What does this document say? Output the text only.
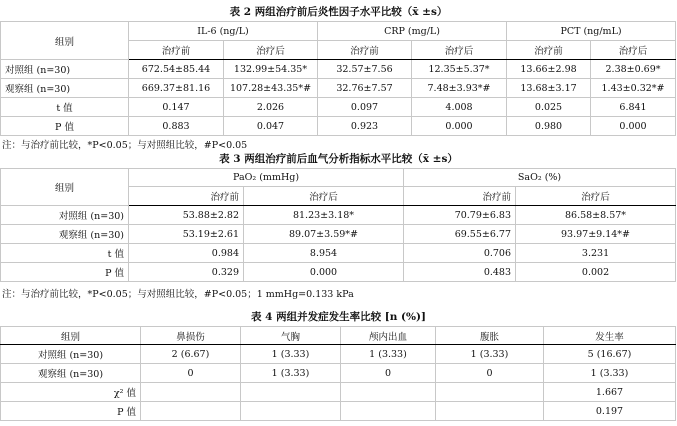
表 2 两组治疗前后炎性因子水平比较（x̄ ±s）
组别	IL-6 (ng/L)		CRP (mg/L)		PCT (ng/mL)	
	治疗前	治疗后	治疗前	治疗后	治疗前	治疗后
对照组 (n=30)	672.54±85.44	132.99±54.35*	32.57±7.56	12.35±5.37*	13.66±2.98	2.38±0.69*
观察组 (n=30)	669.37±81.16	107.28±43.35*#	32.76±7.57	7.48±3.93*#	13.68±3.17	1.43±0.32*#
t 值	0.147	2.026	0.097	4.008	0.025	6.841
P 值	0.883	0.047	0.923	0.000	0.980	0.000
注：与治疗前比较，*P<0.05；与对照组比较，#P<0.05
表 3 两组治疗前后血气分析指标水平比较（x̄ ±s）
组别	PaO₂ (mmHg)		SaO₂ (%)	
	治疗前	治疗后	治疗前	治疗后
对照组 (n=30)	53.88±2.82	81.23±3.18*	70.79±6.83	86.58±8.57*
观察组 (n=30)	53.19±2.61	89.07±3.59*#	69.55±6.77	93.97±9.14*#
t 值	0.984	8.954	0.706	3.231
P 值	0.329	0.000	0.483	0.002
注：与治疗前比较，*P<0.05；与对照组比较，#P<0.05；1 mmHg=0.133 kPa
表 4 两组并发症发生率比较 [n (%)]
组别	鼻损伤	气胸	颅内出血	腹胀	发生率
对照组 (n=30)	2 (6.67)	1 (3.33)	1 (3.33)	1 (3.33)	5 (16.67)
观察组 (n=30)	0	1 (3.33)	0	0	1 (3.33)
χ² 值					1.667
P 值					0.197
